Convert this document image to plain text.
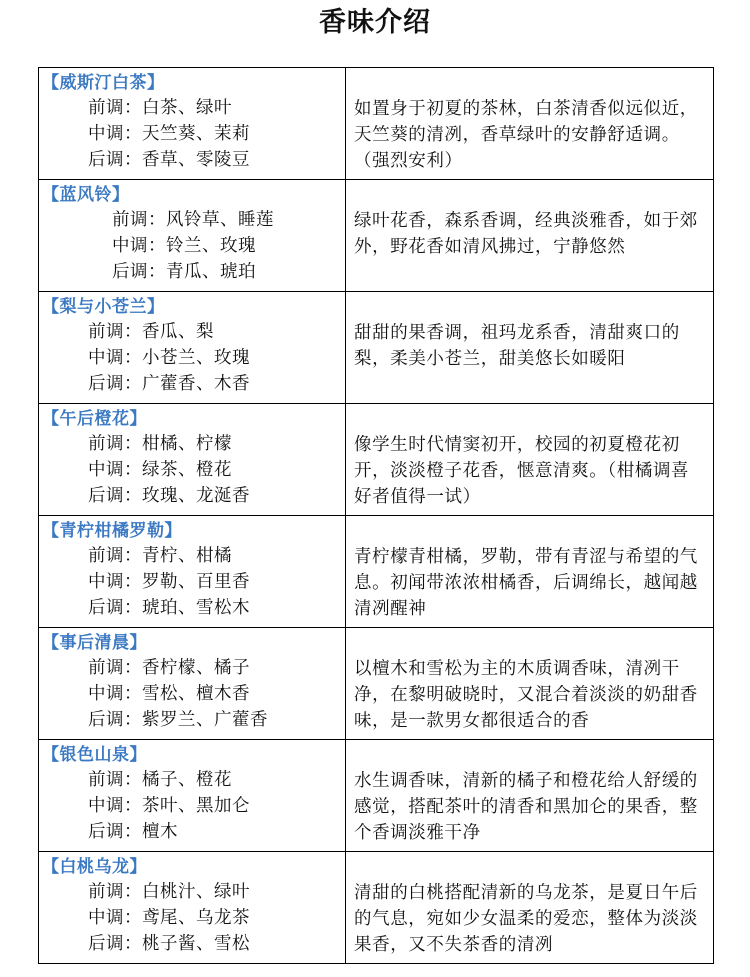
香味介绍
【威斯汀白茶】
前调：白茶、绿叶
中调：天竺葵、茉莉
后调：香草、零陵豆	如置身于初夏的茶林，白茶清香似远似近，天竺葵的清冽，香草绿叶的安静舒适调。（强烈安利）

【蓝风铃】
前调：风铃草、睡莲
中调：铃兰、玫瑰
后调：青瓜、琥珀	绿叶花香，森系香调，经典淡雅香，如于郊外，野花香如清风拂过，宁静悠然

【梨与小苍兰】
前调：香瓜、梨
中调：小苍兰、玫瑰
后调：广藿香、木香	甜甜的果香调，祖玛龙系香，清甜爽口的梨，柔美小苍兰，甜美悠长如暖阳

【午后橙花】
前调：柑橘、柠檬
中调：绿茶、橙花
后调：玫瑰、龙涎香	像学生时代情窦初开，校园的初夏橙花初开，淡淡橙子花香，惬意清爽。（柑橘调喜好者值得一试）

【青柠柑橘罗勒】
前调：青柠、柑橘
中调：罗勒、百里香
后调：琥珀、雪松木	青柠檬青柑橘，罗勒，带有青涩与希望的气息。初闻带浓浓柑橘香，后调绵长，越闻越清冽醒神

【事后清晨】
前调：香柠檬、橘子
中调：雪松、檀木香
后调：紫罗兰、广藿香	以檀木和雪松为主的木质调香味，清冽干净，在黎明破晓时，又混合着淡淡的奶甜香味，是一款男女都很适合的香

【银色山泉】
前调：橘子、橙花
中调：茶叶、黑加仑
后调：檀木	水生调香味，清新的橘子和橙花给人舒缓的感觉，搭配茶叶的清香和黑加仑的果香，整个香调淡雅干净

【白桃乌龙】
前调：白桃汁、绿叶
中调：鸢尾、乌龙茶
后调：桃子酱、雪松	清甜的白桃搭配清新的乌龙茶，是夏日午后的气息，宛如少女温柔的爱恋，整体为淡淡果香，又不失茶香的清冽
